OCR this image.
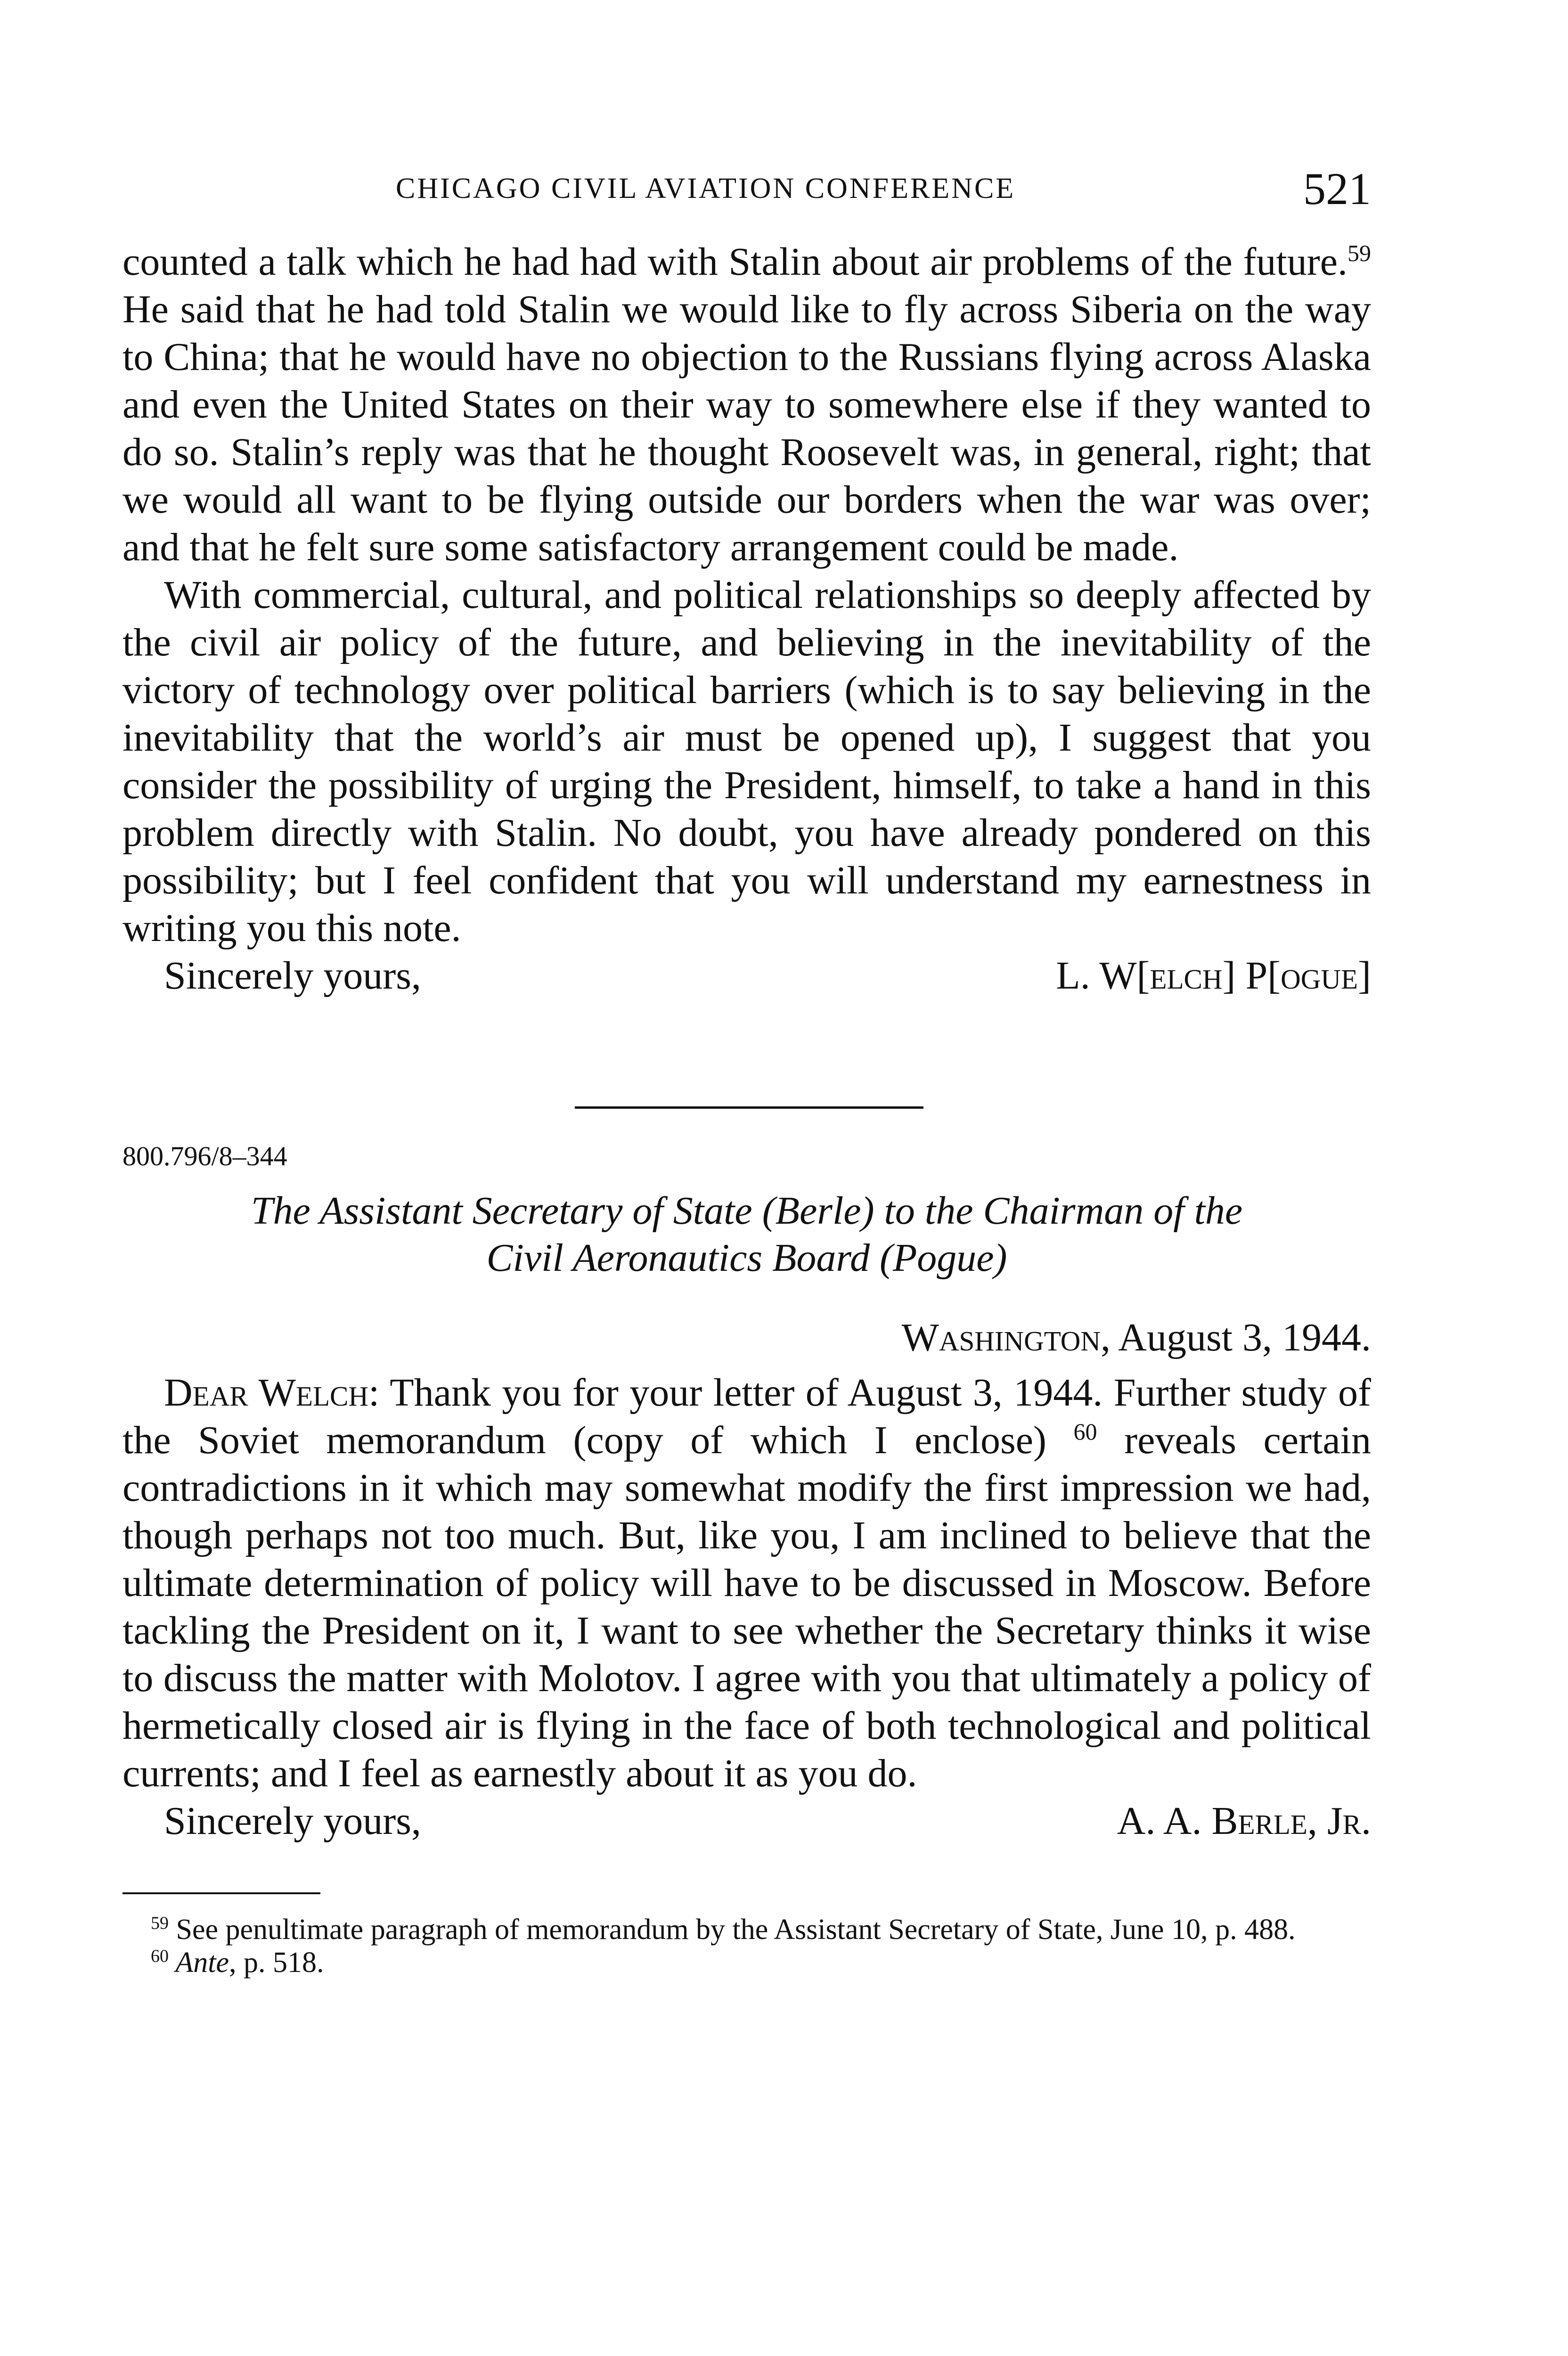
CHICAGO CIVIL AVIATION CONFERENCE	521

counted a talk which he had had with Stalin about air problems of the future.$^{59}$ He said that he had told Stalin we would like to fly across Siberia on the way to China; that he would have no objection to the Russians flying across Alaska and even the United States on their way to somewhere else if they wanted to do so. Stalin’s reply was that he thought Roosevelt was, in general, right; that we would all want to be flying outside our borders when the war was over; and that he felt sure some satisfactory arrangement could be made.

With commercial, cultural, and political relationships so deeply affected by the civil air policy of the future, and believing in the inevitability of the victory of technology over political barriers (which is to say believing in the inevitability that the world’s air must be opened up), I suggest that you consider the possibility of urging the President, himself, to take a hand in this problem directly with Stalin. No doubt, you have already pondered on this possibility; but I feel confident that you will understand my earnestness in writing you this note.

Sincerely yours,	L. W[elch] P[ogue]
800.796/8–344
The Assistant Secretary of State (Berle) to the Chairman of the
Civil Aeronautics Board (Pogue)
Washington, August 3, 1944.

Dear Welch: Thank you for your letter of August 3, 1944. Further study of the Soviet memorandum (copy of which I enclose) $^{60}$ reveals certain contradictions in it which may somewhat modify the first impression we had, though perhaps not too much. But, like you, I am inclined to believe that the ultimate determination of policy will have to be discussed in Moscow. Before tackling the President on it, I want to see whether the Secretary thinks it wise to discuss the matter with Molotov. I agree with you that ultimately a policy of hermetically closed air is flying in the face of both technological and political currents; and I feel as earnestly about it as you do.

Sincerely yours,	A. A. Berle, Jr.

$^{59}$ See penultimate paragraph of memorandum by the Assistant Secretary of State, June 10, p. 488.

$^{60}$ Ante, p. 518.
